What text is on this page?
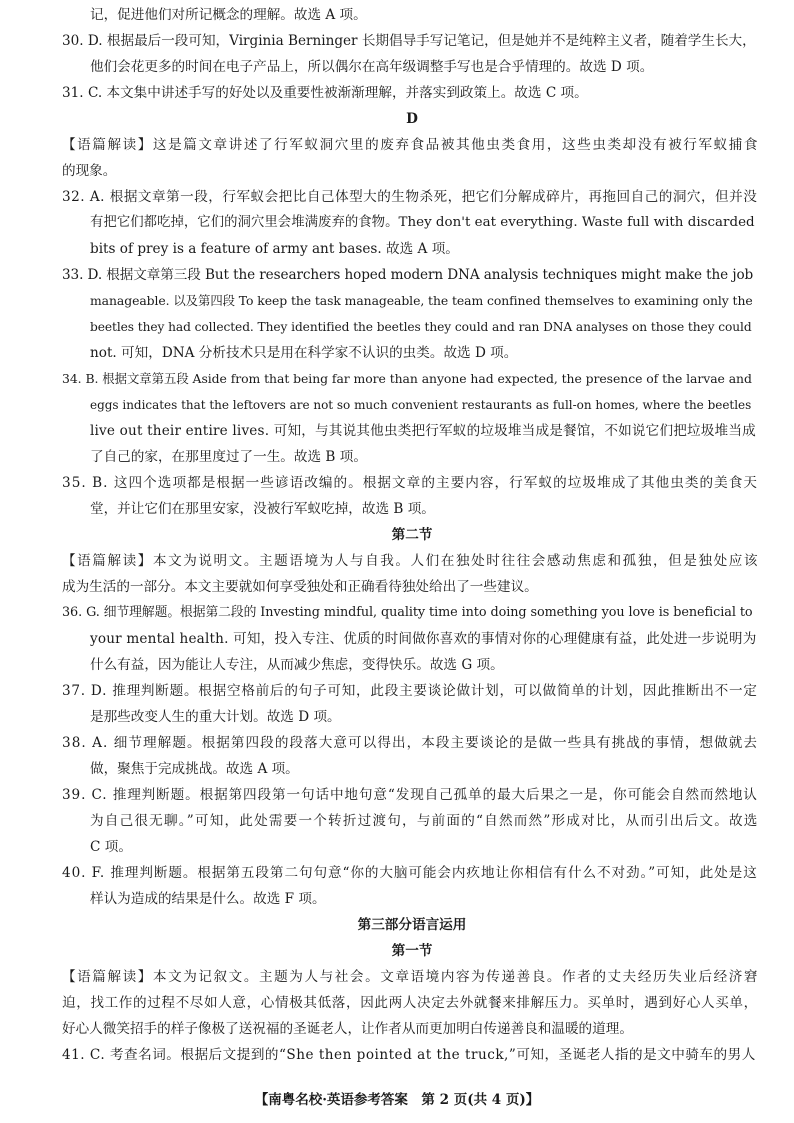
记，促进他们对所记概念的理解。故选 A 项。
30. D. 根据最后一段可知，Virginia Berninger 长期倡导手写记笔记，但是她并不是纯粹主义者，随着学生长大，
他们会花更多的时间在电子产品上，所以偶尔在高年级调整手写也是合乎情理的。故选 D 项。
31. C. 本文集中讲述手写的好处以及重要性被渐渐理解，并落实到政策上。故选 C 项。
D
【语篇解读】这是篇文章讲述了行军蚁洞穴里的废弃食品被其他虫类食用，这些虫类却没有被行军蚁捕食
的现象。
32. A. 根据文章第一段，行军蚁会把比自己体型大的生物杀死，把它们分解成碎片，再拖回自己的洞穴，但并没
有把它们都吃掉，它们的洞穴里会堆满废弃的食物。They don't eat everything. Waste full with discarded
bits of prey is a feature of army ant bases. 故选 A 项。
33. D. 根据文章第三段 But the researchers hoped modern DNA analysis techniques might make the job
manageable. 以及第四段 To keep the task manageable, the team confined themselves to examining only the
beetles they had collected. They identified the beetles they could and ran DNA analyses on those they could
not. 可知，DNA 分析技术只是用在科学家不认识的虫类。故选 D 项。
34. B. 根据文章第五段 Aside from that being far more than anyone had expected, the presence of the larvae and
eggs indicates that the leftovers are not so much convenient restaurants as full-on homes, where the beetles
live out their entire lives. 可知，与其说其他虫类把行军蚁的垃圾堆当成是餐馆，不如说它们把垃圾堆当成
了自己的家，在那里度过了一生。故选 B 项。
35. B. 这四个选项都是根据一些谚语改编的。根据文章的主要内容，行军蚁的垃圾堆成了其他虫类的美食天
堂，并让它们在那里安家，没被行军蚁吃掉，故选 B 项。
第二节
【语篇解读】本文为说明文。主题语境为人与自我。人们在独处时往往会感动焦虑和孤独，但是独处应该
成为生活的一部分。本文主要就如何享受独处和正确看待独处给出了一些建议。
36. G. 细节理解题。根据第二段的 Investing mindful, quality time into doing something you love is beneficial to
your mental health. 可知，投入专注、优质的时间做你喜欢的事情对你的心理健康有益，此处进一步说明为
什么有益，因为能让人专注，从而减少焦虑，变得快乐。故选 G 项。
37. D. 推理判断题。根据空格前后的句子可知，此段主要谈论做计划，可以做简单的计划，因此推断出不一定
是那些改变人生的重大计划。故选 D 项。
38. A. 细节理解题。根据第四段的段落大意可以得出，本段主要谈论的是做一些具有挑战的事情，想做就去
做，聚焦于完成挑战。故选 A 项。
39. C. 推理判断题。根据第四段第一句话中地句意“发现自己孤单的最大后果之一是，你可能会自然而然地认
为自己很无聊。”可知，此处需要一个转折过渡句，与前面的“自然而然”形成对比，从而引出后文。故选
C 项。
40. F. 推理判断题。根据第五段第二句句意“你的大脑可能会内疚地让你相信有什么不对劲。”可知，此处是这
样认为造成的结果是什么。故选 F 项。
第三部分语言运用
第一节
【语篇解读】本文为记叙文。主题为人与社会。文章语境内容为传递善良。作者的丈夫经历失业后经济窘
迫，找工作的过程不尽如人意，心情极其低落，因此两人决定去外就餐来排解压力。买单时，遇到好心人买单，
好心人微笑招手的样子像极了送祝福的圣诞老人，让作者从而更加明白传递善良和温暖的道理。
41. C. 考查名词。根据后文提到的“She then pointed at the truck,”可知，圣诞老人指的是文中骑车的男人
【南粤名校·英语参考答案　第 2 页(共 4 页)】
